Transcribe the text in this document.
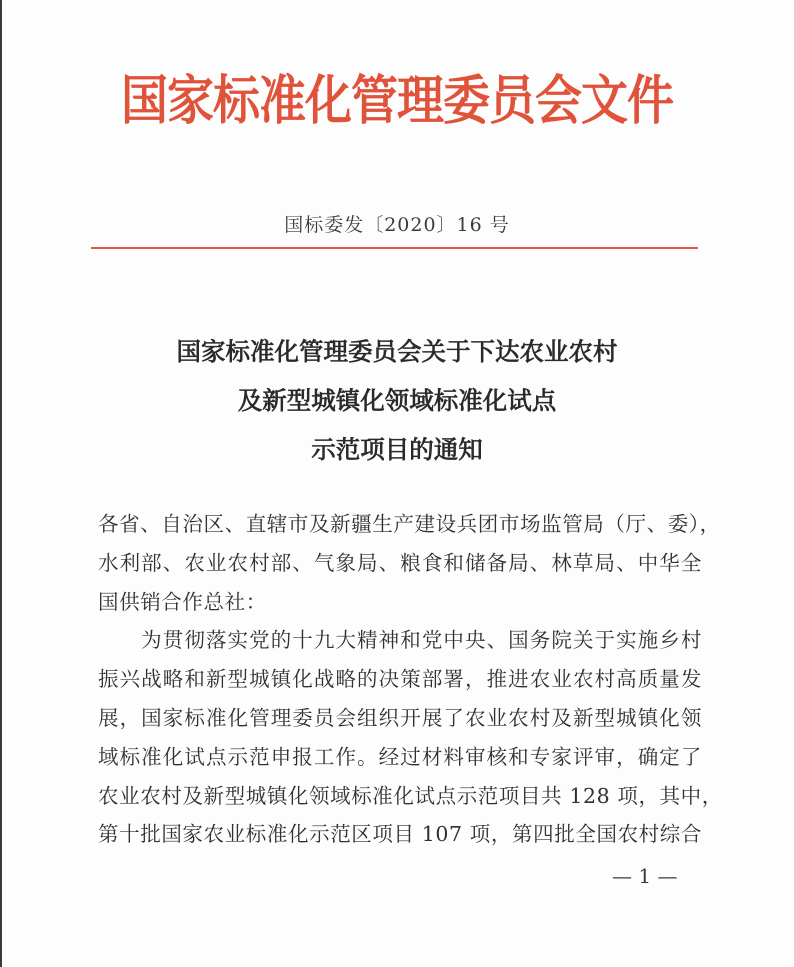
国家标准化管理委员会文件
国标委发〔2020〕16 号
国家标准化管理委员会关于下达农业农村
及新型城镇化领域标准化试点
示范项目的通知
各省、自治区、直辖市及新疆生产建设兵团市场监管局（厅、委），
水利部、农业农村部、气象局、粮食和储备局、林草局、中华全
国供销合作总社：
　　为贯彻落实党的十九大精神和党中央、国务院关于实施乡村
振兴战略和新型城镇化战略的决策部署，推进农业农村高质量发
展，国家标准化管理委员会组织开展了农业农村及新型城镇化领
域标准化试点示范申报工作。经过材料审核和专家评审，确定了
农业农村及新型城镇化领域标准化试点示范项目共 128 项，其中，
第十批国家农业标准化示范区项目 107 项，第四批全国农村综合
— 1 —
